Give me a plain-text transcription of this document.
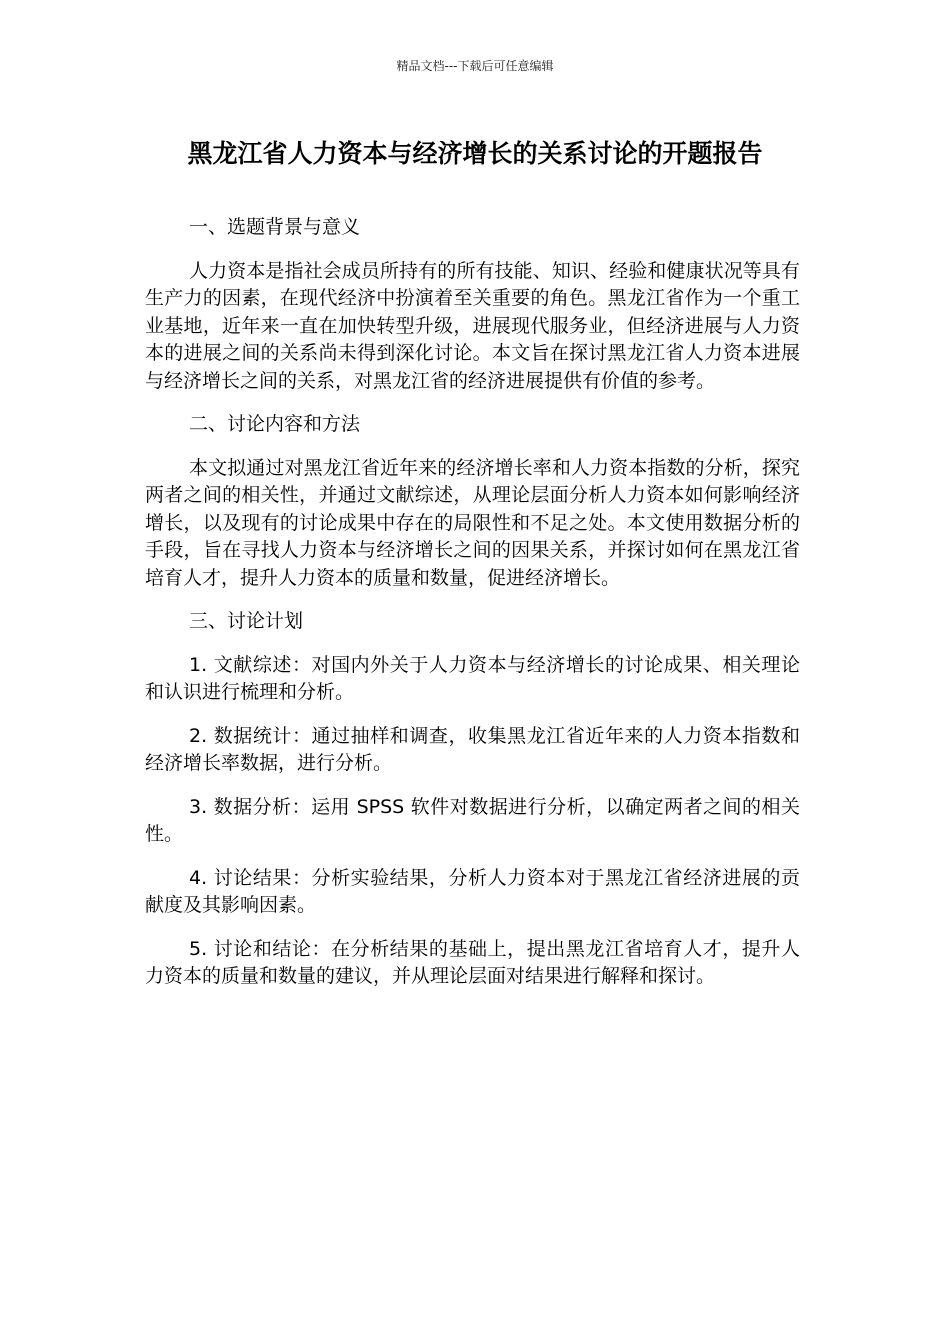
精品文档---下载后可任意编辑
黑龙江省人力资本与经济增长的关系讨论的开题报告

一、选题背景与意义

人力资本是指社会成员所持有的所有技能、知识、经验和健康状况等具有生产力的因素，在现代经济中扮演着至关重要的角色。黑龙江省作为一个重工业基地，近年来一直在加快转型升级，进展现代服务业，但经济进展与人力资本的进展之间的关系尚未得到深化讨论。本文旨在探讨黑龙江省人力资本进展与经济增长之间的关系，对黑龙江省的经济进展提供有价值的参考。

二、讨论内容和方法

本文拟通过对黑龙江省近年来的经济增长率和人力资本指数的分析，探究两者之间的相关性，并通过文献综述，从理论层面分析人力资本如何影响经济增长，以及现有的讨论成果中存在的局限性和不足之处。本文使用数据分析的手段，旨在寻找人力资本与经济增长之间的因果关系，并探讨如何在黑龙江省培育人才，提升人力资本的质量和数量，促进经济增长。

三、讨论计划

1. 文献综述：对国内外关于人力资本与经济增长的讨论成果、相关理论和认识进行梳理和分析。

2. 数据统计：通过抽样和调查，收集黑龙江省近年来的人力资本指数和经济增长率数据，进行分析。

3. 数据分析：运用 SPSS 软件对数据进行分析，以确定两者之间的相关性。

4. 讨论结果：分析实验结果，分析人力资本对于黑龙江省经济进展的贡献度及其影响因素。

5. 讨论和结论：在分析结果的基础上，提出黑龙江省培育人才，提升人力资本的质量和数量的建议，并从理论层面对结果进行解释和探讨。
